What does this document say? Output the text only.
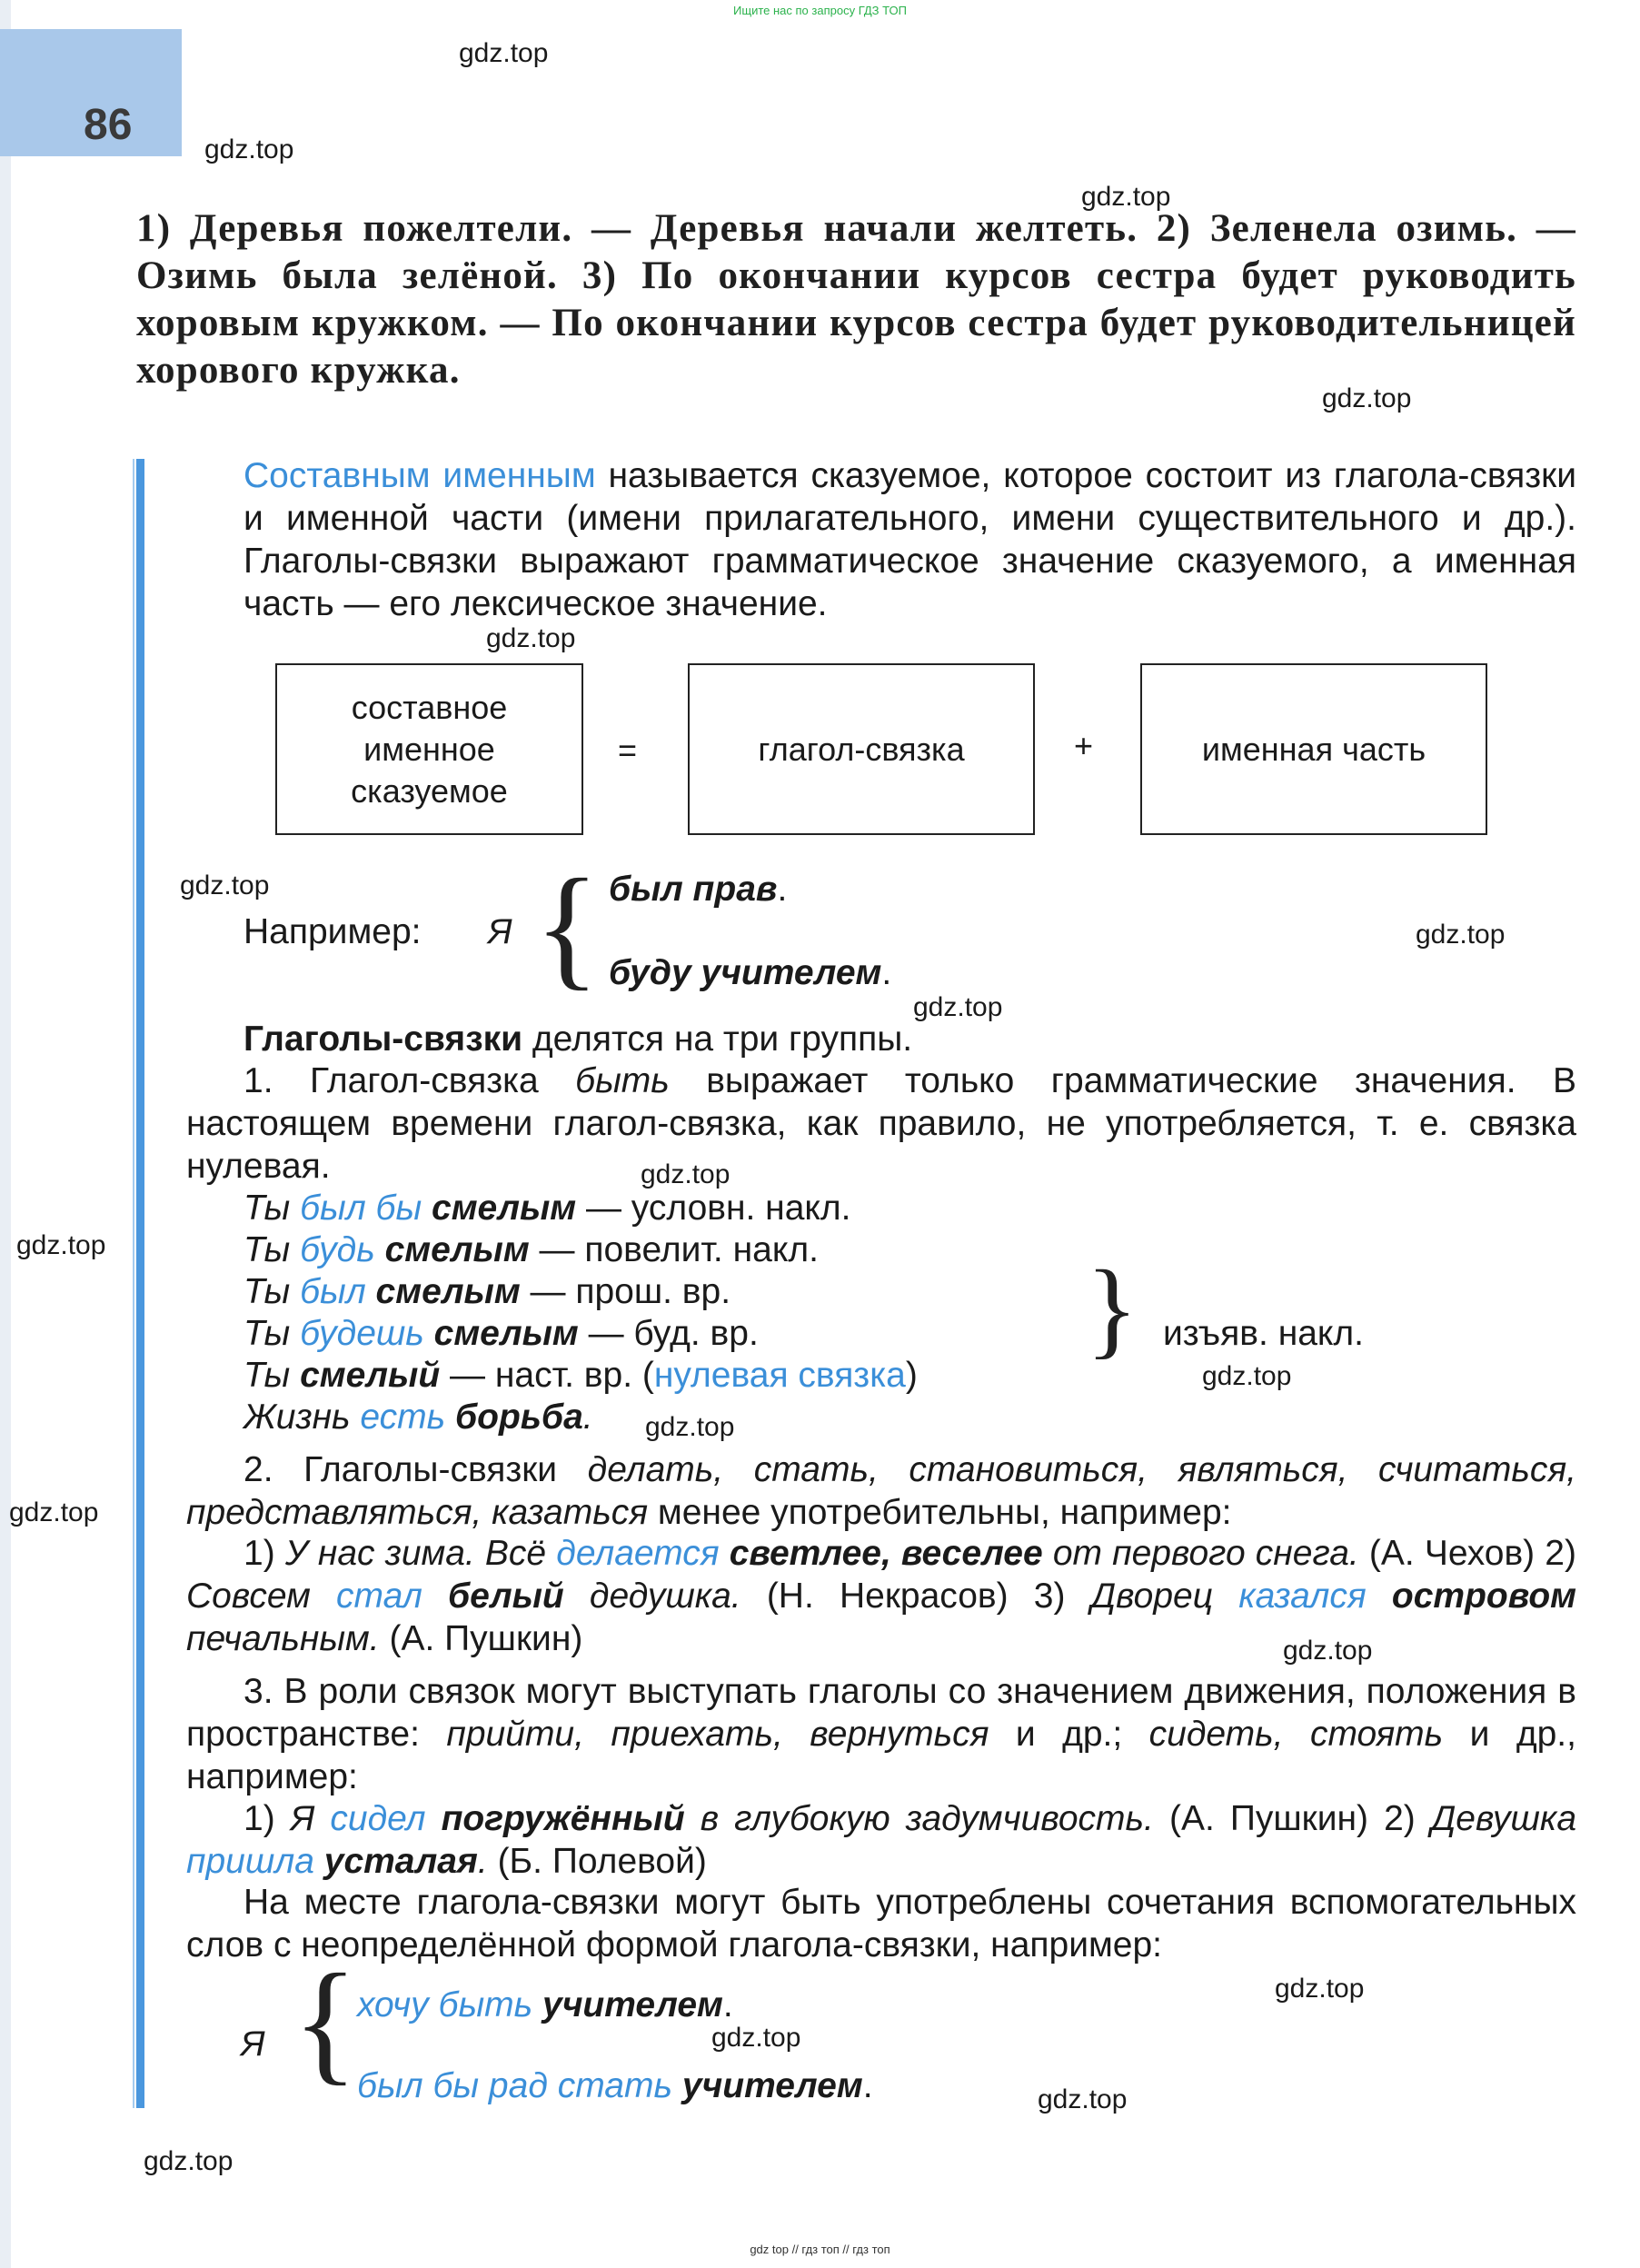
Ищите нас по запросу ГДЗ ТОП
86
gdz.top
gdz.top
gdz.top
gdz.top
gdz.top
gdz.top
gdz.top
gdz.top
gdz.top
gdz.top
gdz.top
gdz.top
gdz.top
gdz.top
gdz.top
gdz.top
gdz.top
gdz.top
1) Деревья пожелтели. — Деревья начали желтеть. 2) Зеленела озимь. — Озимь была зелёной. 3) По окончании курсов сестра будет руководить хоровым кружком. — По окончании курсов сестра будет руководительницей хорового кружка.
Составным именным называется сказуемое, которое состоит из глагола-связки и именной части (имени прилагательного, имени существительного и др.). Глаголы-связки выражают грамматическое значение сказуемого, а именная часть — его лексическое значение.
составное
именное
сказуемое
=	глагол-связка	+	именная часть
Например: Я { был прав.
буду учителем.
Глаголы-связки делятся на три группы.
1. Глагол-связка быть выражает только грамматические значения. В настоящем времени глагол-связка, как правило, не употребляется, т. е. связка нулевая.
Ты был бы смелым — условн. накл.
Ты будь смелым — повелит. накл.
Ты был смелым — прош. вр.
Ты будешь смелым — буд. вр.	{ изъяв. накл.
Ты смелый — наст. вр. (нулевая связка)
Жизнь есть борьба.
2. Глаголы-связки делать, стать, становиться, являться, считаться, представляться, казаться менее употребительны, например:
1) У нас зима. Всё делается светлее, веселее от первого снега. (А. Чехов) 2) Совсем стал белый дедушка. (Н. Некрасов) 3) Дворец казался островом печальным. (А. Пушкин)
3. В роли связок могут выступать глаголы со значением движения, положения в пространстве: прийти, приехать, вернуться и др.; сидеть, стоять и др., например:
1) Я сидел погружённый в глубокую задумчивость. (А. Пушкин) 2) Девушка пришла усталая. (Б. Полевой)
На месте глагола-связки могут быть употреблены сочетания вспомогательных слов с неопределённой формой глагола-связки, например:
Я { хочу быть учителем.
был бы рад стать учителем.
gdz top // гдз топ // гдз топ
